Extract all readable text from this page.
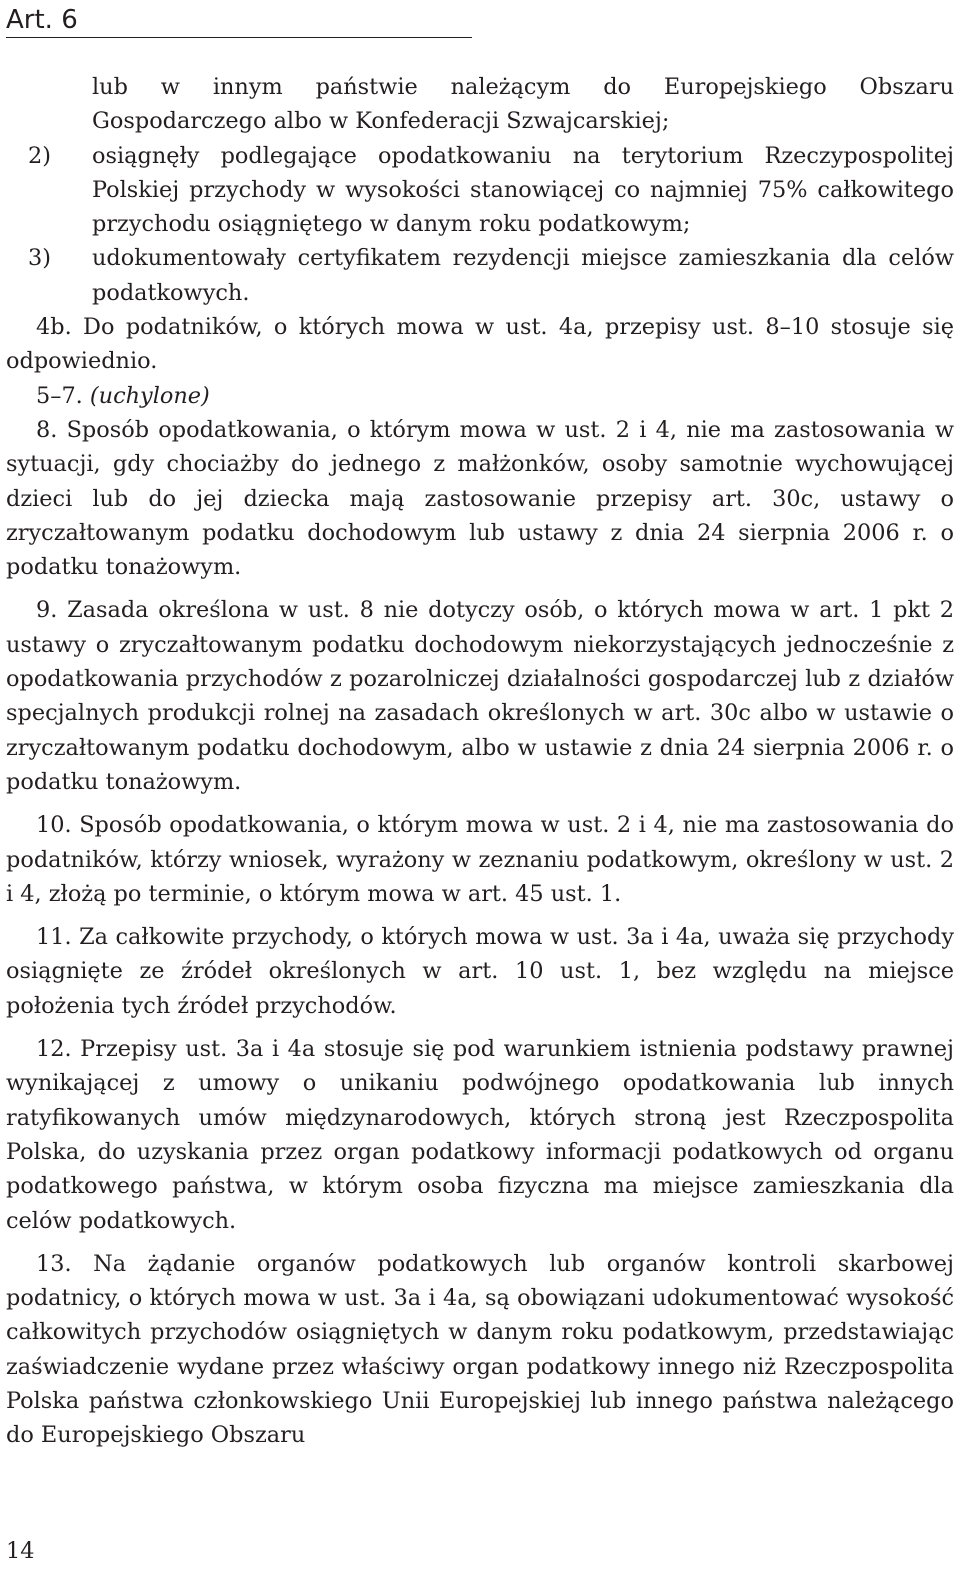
Art. 6

lub w innym państwie należącym do Europejskiego Obszaru Gospodarczego albo w Konfederacji Szwajcarskiej;

2) osiągnęły podlegające opodatkowaniu na terytorium Rzeczypospolitej Polskiej przychody w wysokości stanowiącej co najmniej 75% całkowitego przychodu osiągniętego w danym roku podatkowym;

3) udokumentowały certyfikatem rezydencji miejsce zamieszkania dla celów podatkowych.

4b. Do podatników, o których mowa w ust. 4a, przepisy ust. 8–10 stosuje się odpowiednio.

5–7. (uchylone)

8. Sposób opodatkowania, o którym mowa w ust. 2 i 4, nie ma zastosowania w sytuacji, gdy chociażby do jednego z małżonków, osoby samotnie wychowującej dzieci lub do jej dziecka mają zastosowanie przepisy art. 30c, ustawy o zryczałtowanym podatku dochodowym lub ustawy z dnia 24 sierpnia 2006 r. o podatku tonażowym.

9. Zasada określona w ust. 8 nie dotyczy osób, o których mowa w art. 1 pkt 2 ustawy o zryczałtowanym podatku dochodowym niekorzystających jednocześnie z opodatkowania przychodów z pozarolniczej działalności gospodarczej lub z działów specjalnych produkcji rolnej na zasadach określonych w art. 30c albo w ustawie o zryczałtowanym podatku dochodowym, albo w ustawie z dnia 24 sierpnia 2006 r. o podatku tonażowym.

10. Sposób opodatkowania, o którym mowa w ust. 2 i 4, nie ma zastosowania do podatników, którzy wniosek, wyrażony w zeznaniu podatkowym, określony w ust. 2 i 4, złożą po terminie, o którym mowa w art. 45 ust. 1.

11. Za całkowite przychody, o których mowa w ust. 3a i 4a, uważa się przychody osiągnięte ze źródeł określonych w art. 10 ust. 1, bez względu na miejsce położenia tych źródeł przychodów.

12. Przepisy ust. 3a i 4a stosuje się pod warunkiem istnienia podstawy prawnej wynikającej z umowy o unikaniu podwójnego opodatkowania lub innych ratyfikowanych umów międzynarodowych, których stroną jest Rzeczpospolita Polska, do uzyskania przez organ podatkowy informacji podatkowych od organu podatkowego państwa, w którym osoba fizyczna ma miejsce zamieszkania dla celów podatkowych.

13. Na żądanie organów podatkowych lub organów kontroli skarbowej podatnicy, o których mowa w ust. 3a i 4a, są obowiązani udokumentować wysokość całkowitych przychodów osiągniętych w danym roku podatkowym, przedstawiając zaświadczenie wydane przez właściwy organ podatkowy innego niż Rzeczpospolita Polska państwa członkowskiego Unii Europejskiej lub innego państwa należącego do Europejskiego Obszaru

14
